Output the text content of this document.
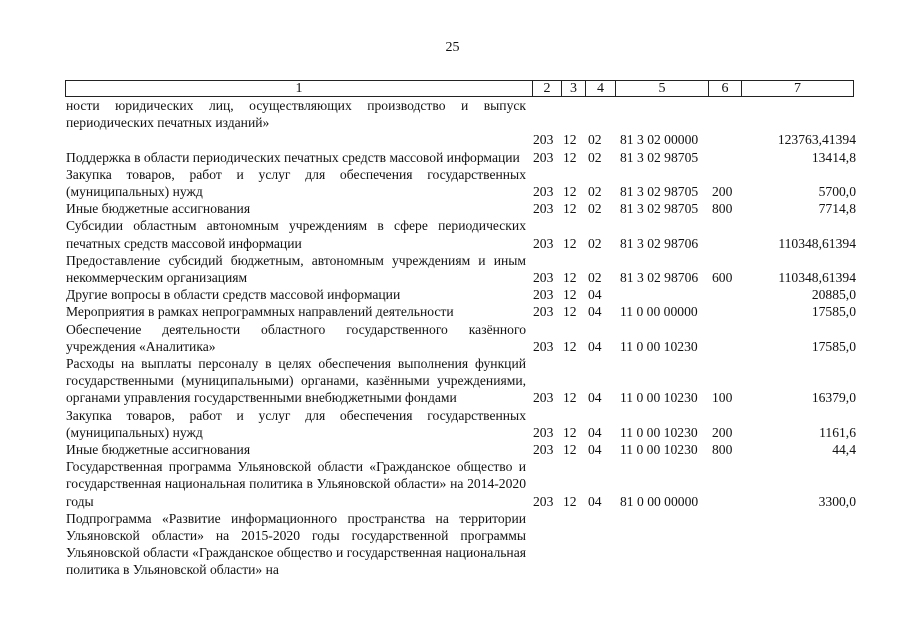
25
1	2	3	4	5	6	7
ности юридических лиц, осуществляющих производство и выпуск периодических печатных изданий»
203 12 02 81 3 02 00000	123763,41394
Поддержка в области периодических печатных средств массовой информации 203 12 02 81 3 02 98705	13414,8
Закупка товаров, работ и услуг для обеспечения государственных (муниципальных) нужд	203 12 02 81 3 02 98705 200	5700,0
Иные бюджетные ассигнования	203 12 02 81 3 02 98705 800	7714,8
Субсидии областным автономным учреждениям в сфере периодических печатных средств массовой информации	203 12 02 81 3 02 98706	110348,61394
Предоставление субсидий бюджетным, автономным учреждениям и иным некоммерческим организациям	203 12 02 81 3 02 98706 600	110348,61394
Другие вопросы в области средств массовой информации	203 12 04	20885,0
Мероприятия в рамках непрограммных направлений деятельности	203 12 04 11 0 00 00000	17585,0
Обеспечение деятельности областного государственного казённого учреждения «Аналитика»	203 12 04 11 0 00 10230	17585,0
Расходы на выплаты персоналу в целях обеспечения выполнения функций государственными (муниципальными) органами, казёнными учреждениями, органами управления государственными внебюджетными фондами	203 12 04 11 0 00 10230 100	16379,0
Закупка товаров, работ и услуг для обеспечения государственных (муниципальных) нужд	203 12 04 11 0 00 10230 200	1161,6
Иные бюджетные ассигнования	203 12 04 11 0 00 10230 800	44,4
Государственная программа Ульяновской области «Гражданское общество и государственная национальная политика в Ульяновской области» на 2014-2020 годы	203 12 04 81 0 00 00000	3300,0
Подпрограмма «Развитие информационного пространства на территории Ульяновской области» на 2015-2020 годы государственной программы Ульяновской области «Гражданское общество и государственная национальная политика в Ульяновской области» на
